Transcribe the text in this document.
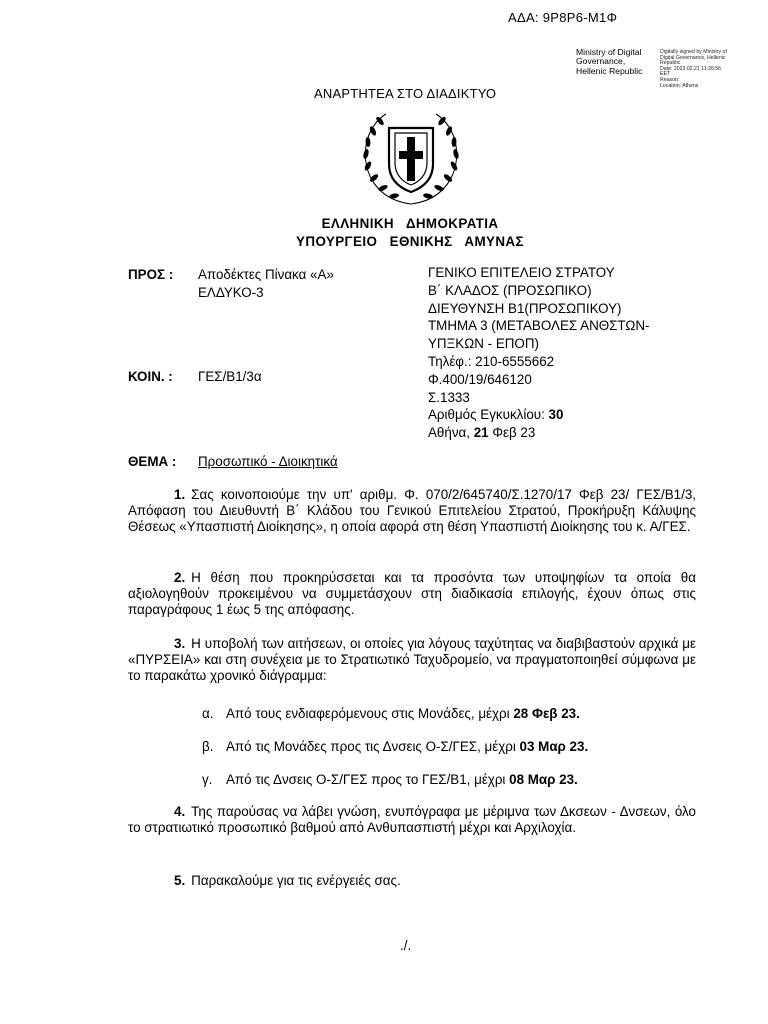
ΑΔΑ: 9Ρ8Ρ6-Μ1Φ
Ministry of Digital
Governance,
Hellenic Republic
Digitally signed by Ministry of
Digital Governance, Hellenic
Republic
Date: 2023.02.21 11:26:56
EET
Reason:
Location: Athens
ΑΝΑΡΤΗΤΕΑ ΣΤΟ ΔΙΑΔΙΚΤΥΟ
ΕΛΛΗΝΙΚΗ   ΔΗΜΟΚΡΑΤΙΑ
ΥΠΟΥΡΓΕΙΟ   ΕΘΝΙΚΗΣ   ΑΜΥΝΑΣ
ΠΡΟΣ : Αποδέκτες Πίνακα «Α»
ΕΛΔΥΚΟ-3
ΚΟΙΝ. : ΓΕΣ/Β1/3α
ΓΕΝΙΚΟ ΕΠΙΤΕΛΕΙΟ ΣΤΡΑΤΟΥ
Β΄ ΚΛΑΔΟΣ (ΠΡΟΣΩΠΙΚΟ)
ΔΙΕΥΘΥΝΣΗ Β1(ΠΡΟΣΩΠΙΚΟΥ)
ΤΜΗΜΑ 3 (ΜΕΤΑΒΟΛΕΣ ΑΝΘΣΤΩΝ-
ΥΠΞΚΩΝ - ΕΠΟΠ)
Τηλέφ.: 210-6555662
Φ.400/19/646120
Σ.1333
Αριθμός Εγκυκλίου: 30
Αθήνα, 21 Φεβ 23
ΘΕΜΑ : Προσωπικό - Διοικητικά
1. Σας κοινοποιούμε την υπ' αριθμ. Φ. 070/2/645740/Σ.1270/17 Φεβ 23/ ΓΕΣ/Β1/3, Απόφαση του Διευθυντή Β΄ Κλάδου του Γενικού Επιτελείου Στρατού, Προκήρυξη Κάλυψης Θέσεως «Υπασπιστή Διοίκησης», η οποία αφορά στη θέση Υπασπιστή Διοίκησης του κ. Α/ΓΕΣ.
2. Η θέση που προκηρύσσεται και τα προσόντα των υποψηφίων τα οποία θα αξιολογηθούν προκειμένου να συμμετάσχουν στη διαδικασία επιλογής, έχουν όπως στις παραγράφους 1 έως 5 της απόφασης.
3. Η υποβολή των αιτήσεων, οι οποίες για λόγους ταχύτητας να διαβιβαστούν αρχικά με «ΠΥΡΣΕΙΑ» και στη συνέχεια με το Στρατιωτικό Ταχυδρομείο, να πραγματοποιηθεί σύμφωνα με το παρακάτω χρονικό διάγραμμα:
α. Από τους ενδιαφερόμενους στις Μονάδες, μέχρι 28 Φεβ 23.
β. Από τις Μονάδες προς τις Δνσεις Ο-Σ/ΓΕΣ, μέχρι 03 Μαρ 23.
γ. Από τις Δνσεις Ο-Σ/ΓΕΣ προς το ΓΕΣ/Β1, μέχρι 08 Μαρ 23.
4. Της παρούσας να λάβει γνώση, ενυπόγραφα με μέριμνα των Δκσεων - Δνσεων, όλο το στρατιωτικό προσωπικό βαθμού από Ανθυπασπιστή μέχρι και Αρχιλοχία.
5. Παρακαλούμε για τις ενέργειές σας.
./.
